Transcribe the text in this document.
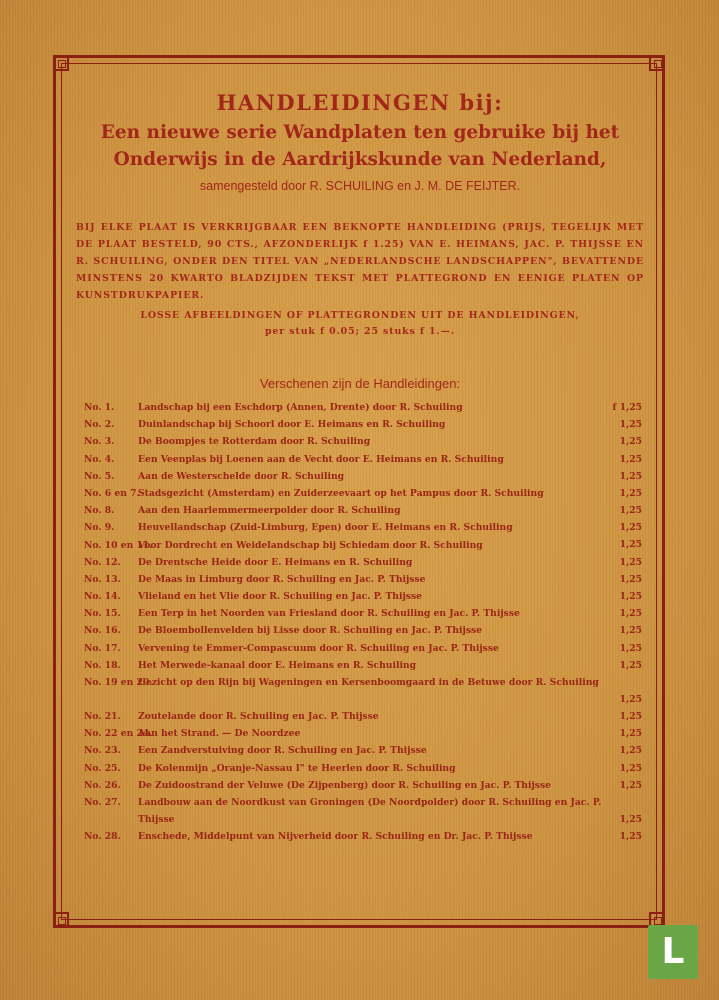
HANDLEIDINGEN bij:
Een nieuwe serie Wandplaten ten gebruike bij het
Onderwijs in de Aardrijkskunde van Nederland,
samengesteld door R. SCHUILING en J. M. DE FEIJTER.
BIJ ELKE PLAAT IS VERKRIJGBAAR EEN BEKNOPTE HANDLEIDING (PRIJS, TEGELIJK MET DE PLAAT BESTELD, 90 CTS., AFZONDERLIJK f 1.25) VAN E. HEIMANS, JAC. P. THIJSSE EN R. SCHUILING, ONDER DEN TITEL VAN „NEDERLANDSCHE LANDSCHAPPEN", BEVATTENDE MINSTENS 20 KWARTO BLADZIJDEN TEKST MET PLATTEGROND EN EENIGE PLATEN OP KUNSTDRUKPAPIER.
LOSSE AFBEELDINGEN OF PLATTEGRONDEN UIT DE HANDLEIDINGEN,
per stuk f 0.05; 25 stuks f 1.—.
Verschenen zijn de Handleidingen:
No. 1.	Landschap bij een Eschdorp (Annen, Drente) door R. Schuiling	f 1,25
No. 2.	Duinlandschap bij Schoorl door E. Heimans en R. Schuiling	1,25
No. 3.	De Boompjes te Rotterdam door R. Schuiling	1,25
No. 4.	Een Veenplas bij Loenen aan de Vecht door E. Heimans en R. Schuiling	1,25
No. 5.	Aan de Westerschelde door R. Schuiling	1,25
No. 6 en 7.
Stadsgezicht (Amsterdam) en Zuiderzeevaart op het Pampus door R. Schuiling	1,25
No. 8.	Aan den Haarlemmermeerpolder door R. Schuiling	1,25
No. 9.	Heuvellandschap (Zuid-Limburg, Epen) door E. Heimans en R. Schuiling	1,25
No. 10 en 11.
Voor Dordrecht en Weidelandschap bij Schiedam door R. Schuiling	1,25
No. 12. De Drentsche Heide door E. Heimans en R. Schuiling	1,25
No. 13. De Maas in Limburg door R. Schuiling en Jac. P. Thijsse	1,25
No. 14. Vlieland en het Vlie door R. Schuiling en Jac. P. Thijsse	1,25
No. 15. Een Terp in het Noorden van Friesland door R. Schuiling en Jac. P. Thijsse	1,25
No. 16. De Bloembollenvelden bij Lisse door R. Schuiling en Jac. P. Thijsse	1,25
No. 17. Vervening te Emmer-Compascuum door R. Schuiling en Jac. P. Thijsse	1,25
No. 18. Het Merwede-kanaal door E. Heimans en R. Schuiling	1,25
No. 19 en 20.
Gezicht op den Rijn bij Wageningen en Kersenboomgaard in de Betuwe door R. Schuiling
1,25
No. 21. Zoutelande door R. Schuiling en Jac. P. Thijsse	1,25
No. 22 en 24.
Aan het Strand. — De Noordzee	1,25
No. 23. Een Zandverstuiving door R. Schuiling en Jac. P. Thijsse	1,25
No. 25. De Kolenmijn „Oranje-Nassau I" te Heerlen door R. Schuiling	1,25
No. 26. De Zuidoostrand der Veluwe (De Zijpenberg) door R. Schuiling en Jac. P. Thijsse	1,25
No. 27. Landbouw aan de Noordkust van Groningen (De Noordpolder) door R. Schuiling en Jac. P. Thijsse	1,25
No. 28. Enschede, Middelpunt van Nijverheid door R. Schuiling en Dr. Jac. P. Thijsse	1,25
L
